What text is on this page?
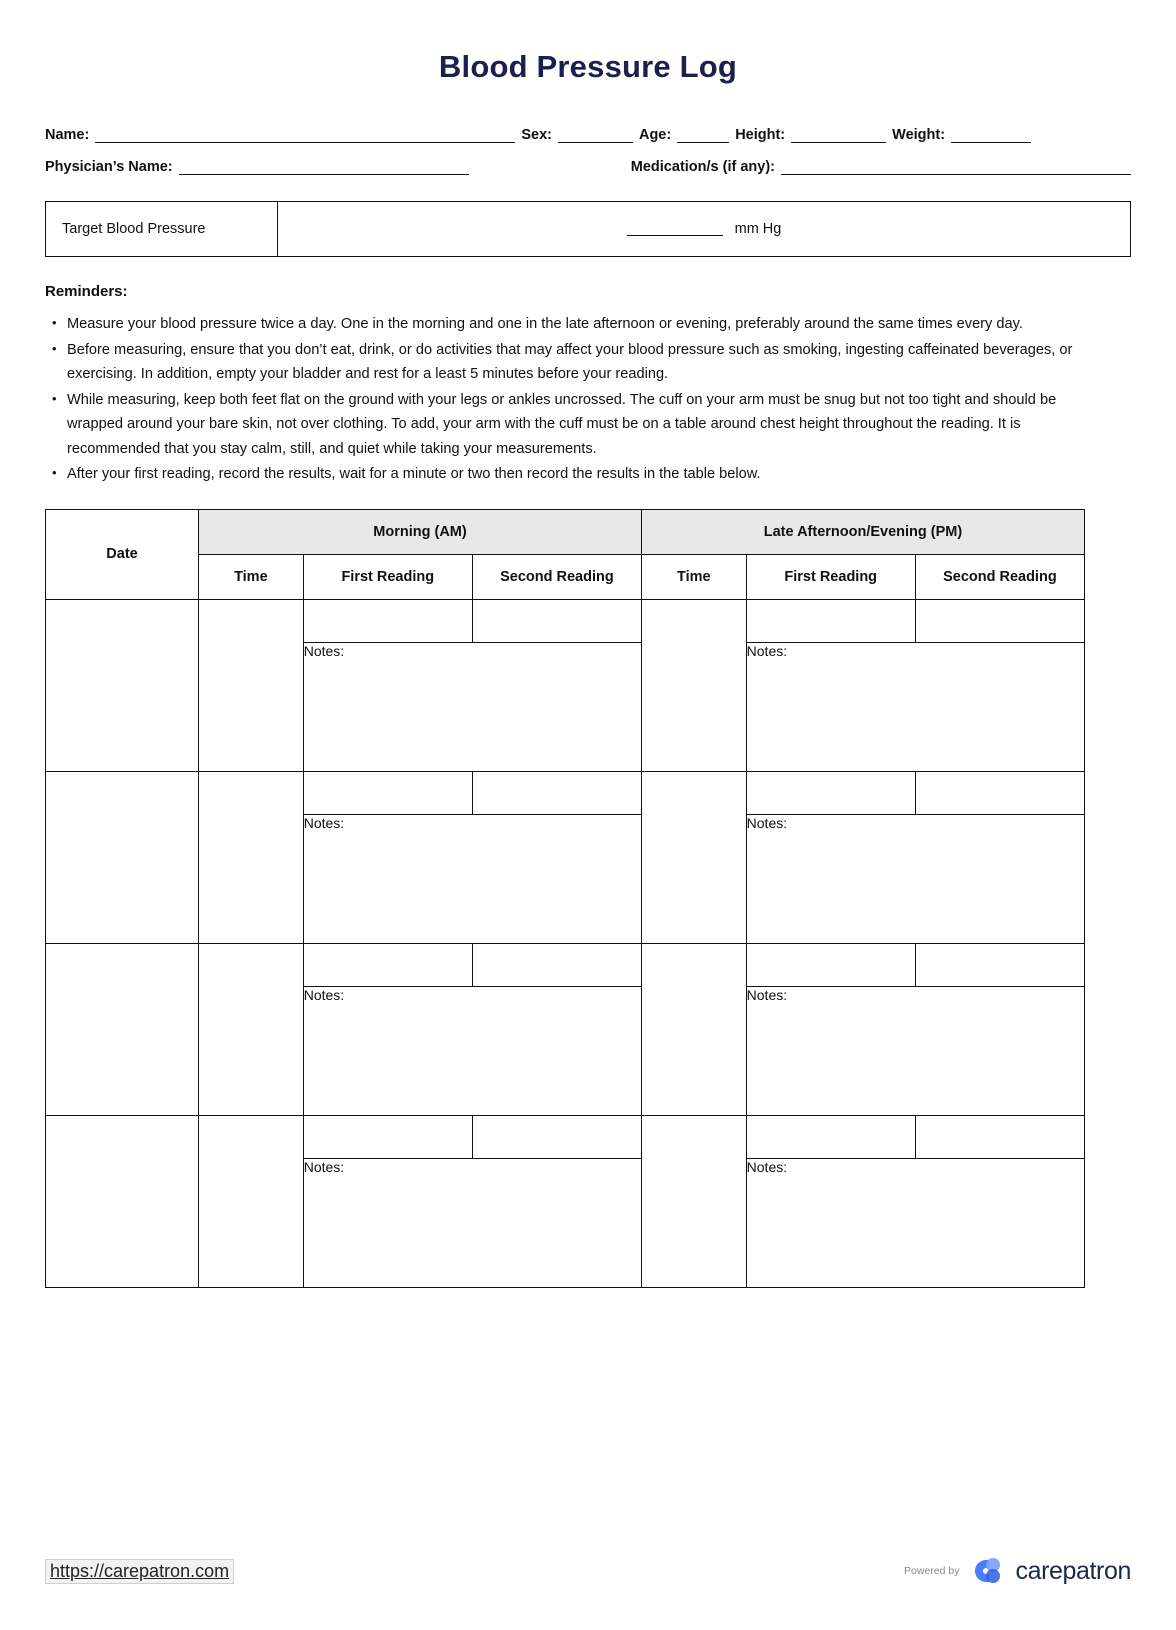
Blood Pressure Log
Name:	Sex:	Age:	Height:	Weight:
Physician’s Name:	Medication/s (if any):
Target Blood Pressure	mm Hg
Reminders:
• Measure your blood pressure twice a day. One in the morning and one in the late afternoon or evening, preferably around the same times every day.
• Before measuring, ensure that you don’t eat, drink, or do activities that may affect your blood pressure such as smoking, ingesting caffeinated beverages, or exercising. In addition, empty your bladder and rest for a least 5 minutes before your reading.
• While measuring, keep both feet flat on the ground with your legs or ankles uncrossed. The cuff on your arm must be snug but not too tight and should be wrapped around your bare skin, not over clothing. To add, your arm with the cuff must be on a table around chest height throughout the reading. It is recommended that you stay calm, still, and quiet while taking your measurements.
• After your first reading, record the results, wait for a minute or two then record the results in the table below.
Date	Morning (AM)			Late Afternoon/Evening (PM)		
	Time	First Reading	Second Reading	Time	First Reading	Second Reading

		Notes:			Notes:	

		Notes:			Notes:	

		Notes:			Notes:	

		Notes:			Notes:	
https://carepatron.com	Powered by carepatron
